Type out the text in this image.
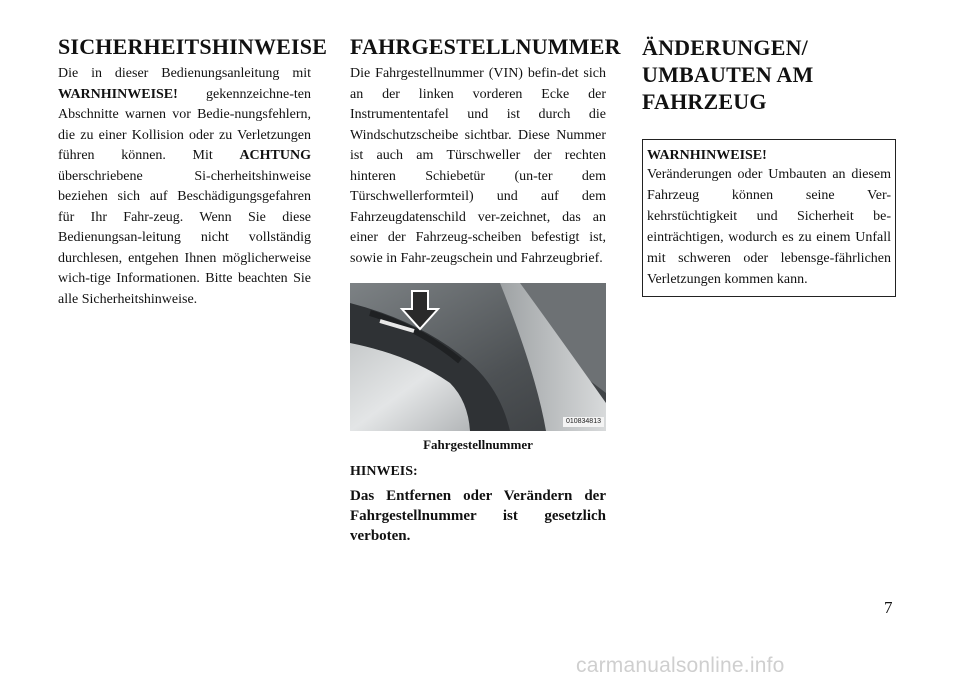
SICHERHEITSHINWEISE

Die in dieser Bedienungsanleitung mit WARNHINWEISE! gekennzeichne-ten Abschnitte warnen vor Bedie-nungsfehlern, die zu einer Kollision oder zu Verletzungen führen können. Mit ACHTUNG überschriebene Si-cherheitshinweise beziehen sich auf Beschädigungsgefahren für Ihr Fahr-zeug. Wenn Sie diese Bedienungsan-leitung nicht vollständig durchlesen, entgehen Ihnen möglicherweise wich-tige Informationen. Bitte beachten Sie alle Sicherheitshinweise.

FAHRGESTELLNUMMER

Die Fahrgestellnummer (VIN) befin-det sich an der linken vorderen Ecke der Instrumententafel und ist durch die Windschutzscheibe sichtbar. Diese Nummer ist auch am Türschweller der rechten hinteren Schiebetür (un-ter dem Türschwellerformteil) und auf dem Fahrzeugdatenschild ver-zeichnet, das an einer der Fahrzeug-scheiben befestigt ist, sowie in Fahr-zeugschein und Fahrzeugbrief.

010834813
Fahrgestellnummer
HINWEIS:
Das Entfernen oder Verändern der Fahrgestellnummer ist gesetzlich verboten.
ÄNDERUNGEN/
UMBAUTEN AM
FAHRZEUG
WARNHINWEISE!

Veränderungen oder Umbauten an diesem Fahrzeug können seine Ver-kehrstüchtigkeit und Sicherheit be-einträchtigen, wodurch es zu einem Unfall mit schweren oder lebensge-fährlichen Verletzungen kommen kann.

7
carmanualsonline.info
